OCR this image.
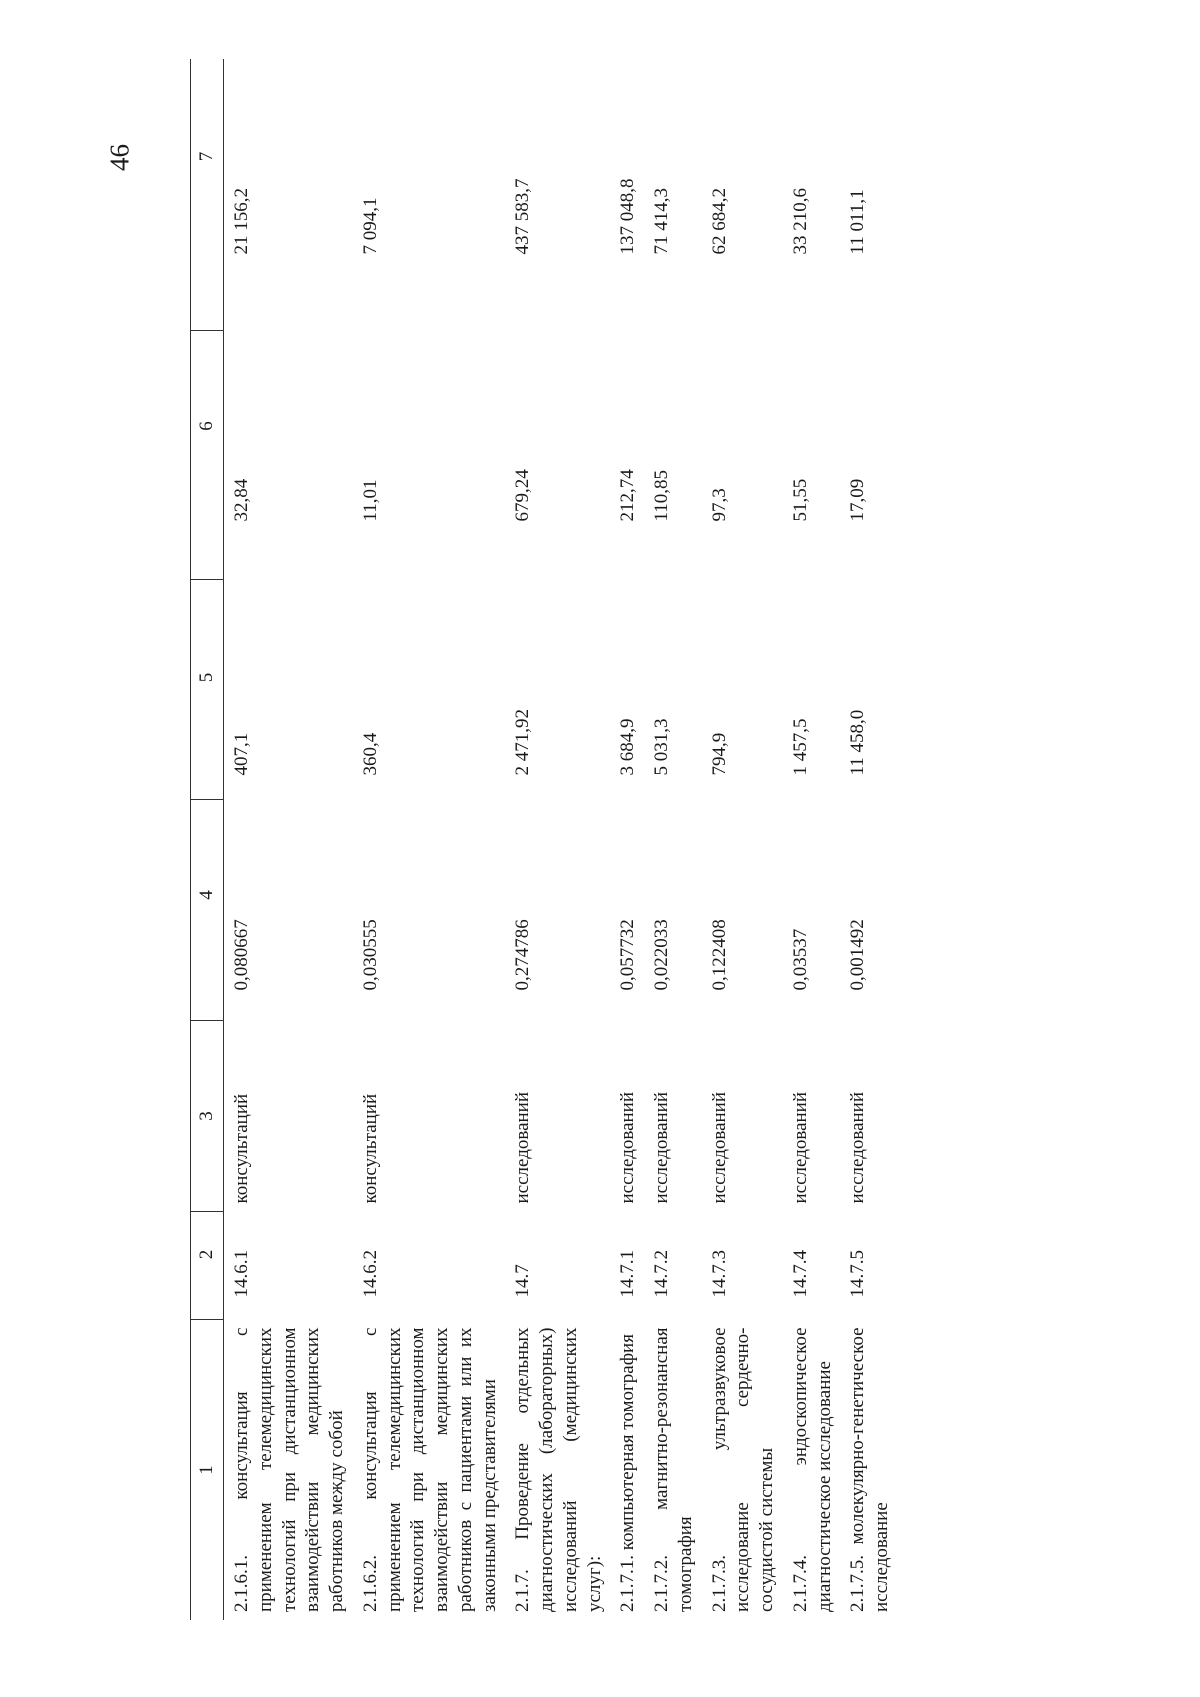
46
1	2	3	4	5	6	7
2.1.6.1. консультация с применением телемедицинских технологий при дистанционном взаимодействии медицинских работников между собой	14.6.1	консультаций	0,080667	407,1	32,84	21 156,2
2.1.6.2. консультация с применением телемедицинских технологий при дистанционном взаимодействии медицинских работников с пациентами или их законными представителями	14.6.2	консультаций	0,030555	360,4	11,01	7 094,1
2.1.7. Проведение отдельных диагностических (лабораторных) исследований (медицинских услуг):	14.7	исследований	0,274786	2 471,92	679,24	437 583,7
2.1.7.1. компьютерная томография	14.7.1	исследований	0,057732	3 684,9	212,74	137 048,8
2.1.7.2. магнитно-резонансная томография	14.7.2	исследований	0,022033	5 031,3	110,85	71 414,3
2.1.7.3. ультразвуковое исследование сердечно-сосудистой системы	14.7.3	исследований	0,122408	794,9	97,3	62 684,2
2.1.7.4. эндоскопическое диагностическое исследование	14.7.4	исследований	0,03537	1 457,5	51,55	33 210,6
2.1.7.5. молекулярно-генетическое исследование	14.7.5	исследований	0,001492	11 458,0	17,09	11 011,1
